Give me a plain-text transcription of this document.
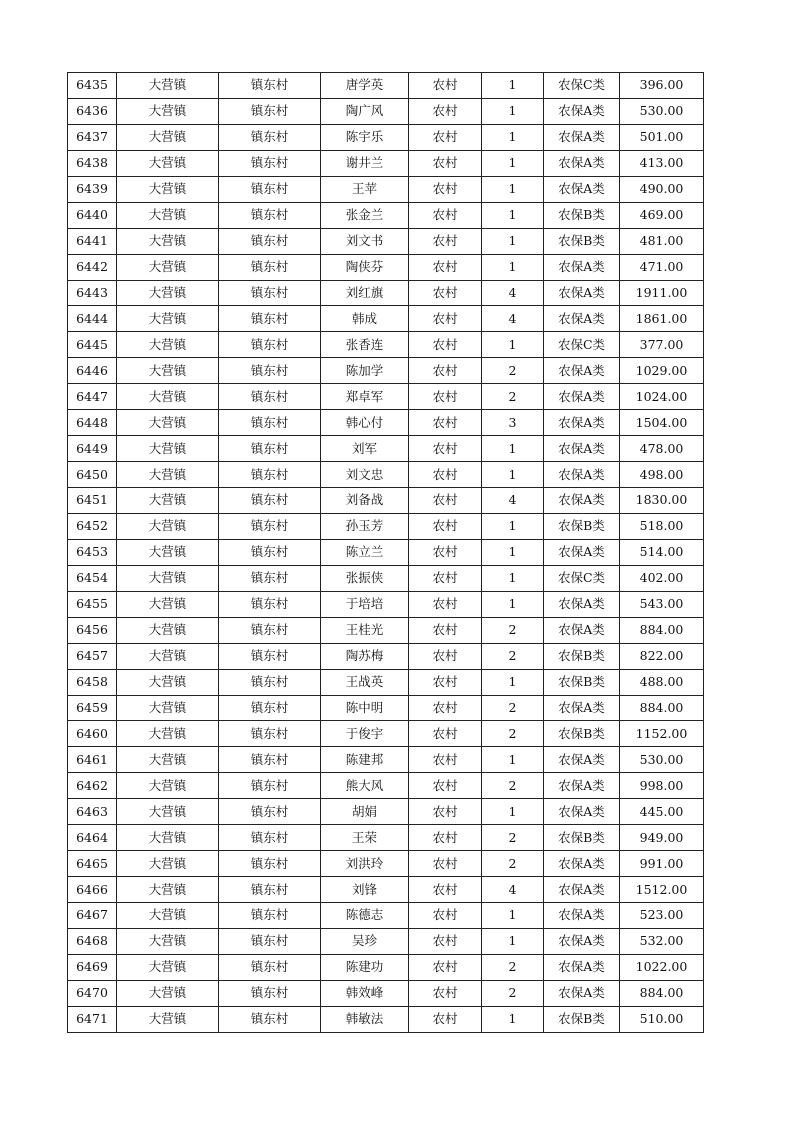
6435	大营镇	镇东村	唐学英	农村	1	农保C类	396.00
6436	大营镇	镇东村	陶广风	农村	1	农保A类	530.00
6437	大营镇	镇东村	陈宇乐	农村	1	农保A类	501.00
6438	大营镇	镇东村	谢井兰	农村	1	农保A类	413.00
6439	大营镇	镇东村	王苹	农村	1	农保A类	490.00
6440	大营镇	镇东村	张金兰	农村	1	农保B类	469.00
6441	大营镇	镇东村	刘文书	农村	1	农保B类	481.00
6442	大营镇	镇东村	陶侠芬	农村	1	农保A类	471.00
6443	大营镇	镇东村	刘红旗	农村	4	农保A类	1911.00
6444	大营镇	镇东村	韩成	农村	4	农保A类	1861.00
6445	大营镇	镇东村	张香连	农村	1	农保C类	377.00
6446	大营镇	镇东村	陈加学	农村	2	农保A类	1029.00
6447	大营镇	镇东村	郑卓军	农村	2	农保A类	1024.00
6448	大营镇	镇东村	韩心付	农村	3	农保A类	1504.00
6449	大营镇	镇东村	刘军	农村	1	农保A类	478.00
6450	大营镇	镇东村	刘文忠	农村	1	农保A类	498.00
6451	大营镇	镇东村	刘备战	农村	4	农保A类	1830.00
6452	大营镇	镇东村	孙玉芳	农村	1	农保B类	518.00
6453	大营镇	镇东村	陈立兰	农村	1	农保A类	514.00
6454	大营镇	镇东村	张振侠	农村	1	农保C类	402.00
6455	大营镇	镇东村	于培培	农村	1	农保A类	543.00
6456	大营镇	镇东村	王桂光	农村	2	农保A类	884.00
6457	大营镇	镇东村	陶苏梅	农村	2	农保B类	822.00
6458	大营镇	镇东村	王战英	农村	1	农保B类	488.00
6459	大营镇	镇东村	陈中明	农村	2	农保A类	884.00
6460	大营镇	镇东村	于俊宇	农村	2	农保B类	1152.00
6461	大营镇	镇东村	陈建邦	农村	1	农保A类	530.00
6462	大营镇	镇东村	熊大风	农村	2	农保A类	998.00
6463	大营镇	镇东村	胡娟	农村	1	农保A类	445.00
6464	大营镇	镇东村	王荣	农村	2	农保B类	949.00
6465	大营镇	镇东村	刘洪玲	农村	2	农保A类	991.00
6466	大营镇	镇东村	刘锋	农村	4	农保A类	1512.00
6467	大营镇	镇东村	陈德志	农村	1	农保A类	523.00
6468	大营镇	镇东村	吴珍	农村	1	农保A类	532.00
6469	大营镇	镇东村	陈建功	农村	2	农保A类	1022.00
6470	大营镇	镇东村	韩效峰	农村	2	农保A类	884.00
6471	大营镇	镇东村	韩敏法	农村	1	农保B类	510.00
